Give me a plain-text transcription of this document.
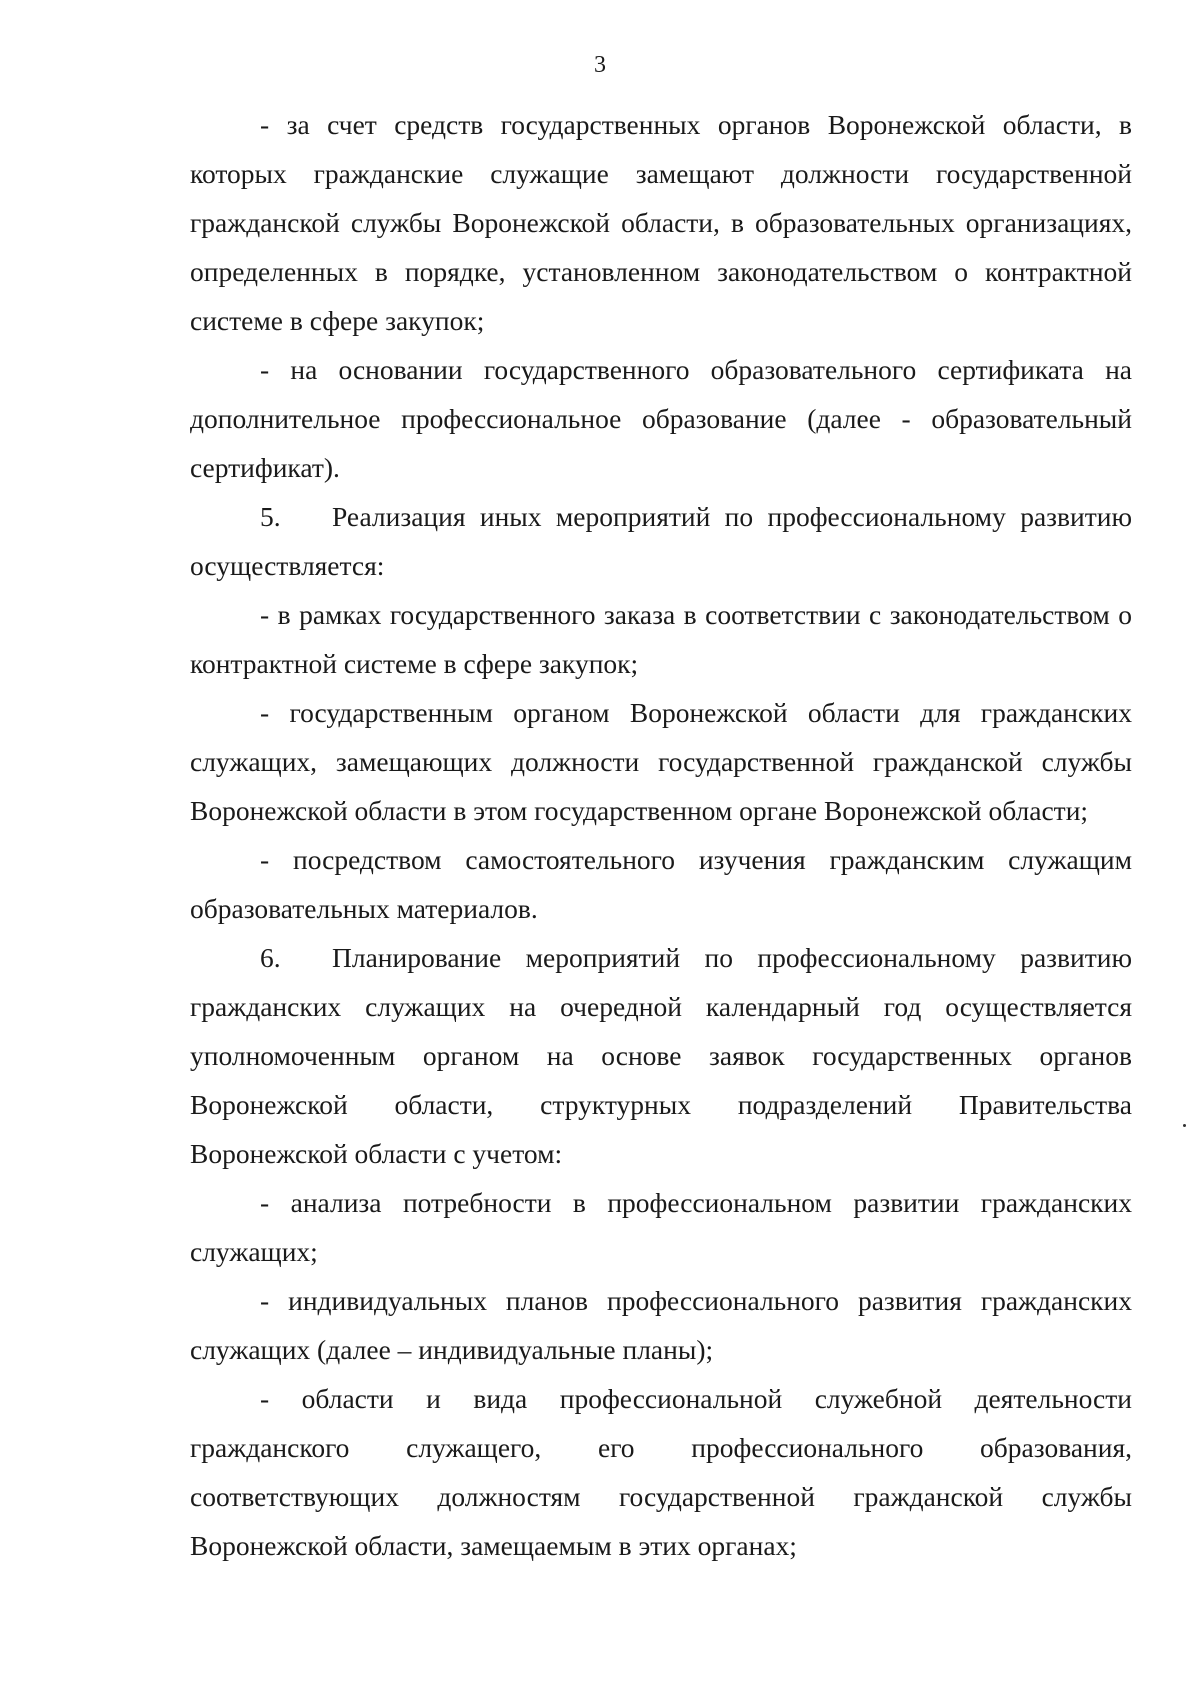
3

- за счет средств государственных органов Воронежской области, в которых гражданские служащие замещают должности государственной гражданской службы Воронежской области, в образовательных организациях, определенных в порядке, установленном законодательством о контрактной системе в сфере закупок;

- на основании государственного образовательного сертификата на дополнительное профессиональное образование (далее - образовательный сертификат).

5. Реализация иных мероприятий по профессиональному развитию осуществляется:

- в рамках государственного заказа в соответствии с законодательством о контрактной системе в сфере закупок;

- государственным органом Воронежской области для гражданских служащих, замещающих должности государственной гражданской службы Воронежской области в этом государственном органе Воронежской области;

- посредством самостоятельного изучения гражданским служащим образовательных материалов.

6. Планирование мероприятий по профессиональному развитию гражданских служащих на очередной календарный год осуществляется уполномоченным органом на основе заявок государственных органов Воронежской области, структурных подразделений Правительства Воронежской области с учетом:

- анализа потребности в профессиональном развитии гражданских служащих;

- индивидуальных планов профессионального развития гражданских служащих (далее – индивидуальные планы);

- области и вида профессиональной служебной деятельности гражданского служащего, его профессионального образования, соответствующих должностям государственной гражданской службы Воронежской области, замещаемым в этих органах;
